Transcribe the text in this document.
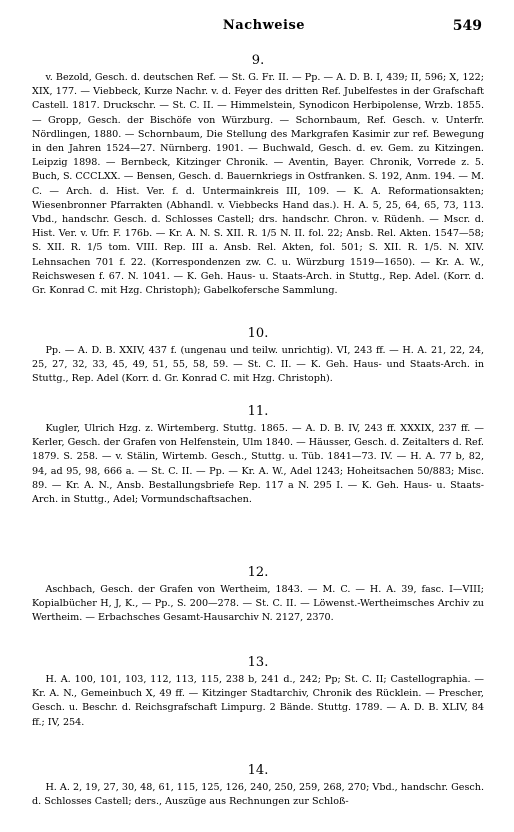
Nachweise	549
9.
v. Bezold, Gesch. d. deutschen Ref. — St. G. Fr. II. — Pp. — A. D. B. I, 439; II, 596; X, 122; XIX, 177. — Viebbeck, Kurze Nachr. v. d. Feyer des dritten Ref. Jubelfestes in der Grafschaft Castell. 1817. Druckschr. — St. C. II. — Himmelstein, Synodicon Herbipolense, Wrzb. 1855. — Gropp, Gesch. der Bischöfe von Würzburg. — Schornbaum, Ref. Gesch. v. Unterfr. Nördlingen, 1880. — Schornbaum, Die Stellung des Markgrafen Kasimir zur ref. Bewegung in den Jahren 1524—27. Nürnberg. 1901. — Buchwald, Gesch. d. ev. Gem. zu Kitzingen. Leipzig 1898. — Bernbeck, Kitzinger Chronik. — Aventin, Bayer. Chronik, Vorrede z. 5. Buch, S. CCCLXX. — Bensen, Gesch. d. Bauernkriegs in Ostfranken. S. 192, Anm. 194. — M. C. — Arch. d. Hist. Ver. f. d. Untermainkreis III, 109. — K. A. Reformationsakten; Wiesenbronner Pfarrakten (Abhandl. v. Viebbecks Hand das.). H. A. 5, 25, 64, 65, 73, 113. Vbd., handschr. Gesch. d. Schlosses Castell; drs. handschr. Chron. v. Rüdenh. — Mscr. d. Hist. Ver. v. Ufr. F. 176b. — Kr. A. N. S. XII. R. 1/5 N. II. fol. 22; Ansb. Rel. Akten. 1547—58; S. XII. R. 1/5 tom. VIII. Rep. III a. Ansb. Rel. Akten, fol. 501; S. XII. R. 1/5. N. XIV. Lehnsachen 701 f. 22. (Korrespondenzen zw. C. u. Würzburg 1519—1650). — Kr. A. W., Reichswesen f. 67. N. 1041. — K. Geh. Haus- u. Staats-Arch. in Stuttg., Rep. Adel. (Korr. d. Gr. Konrad C. mit Hzg. Christoph); Gabelkofersche Sammlung.
10.
Pp. — A. D. B. XXIV, 437 f. (ungenau und teilw. unrichtig). VI, 243 ff. — H. A. 21, 22, 24, 25, 27, 32, 33, 45, 49, 51, 55, 58, 59. — St. C. II. — K. Geh. Haus- und Staats-Arch. in Stuttg., Rep. Adel (Korr. d. Gr. Konrad C. mit Hzg. Christoph).
11.
Kugler, Ulrich Hzg. z. Wirtemberg. Stuttg. 1865. — A. D. B. IV, 243 ff. XXXIX, 237 ff. — Kerler, Gesch. der Grafen von Helfenstein, Ulm 1840. — Häusser, Gesch. d. Zeitalters d. Ref. 1879. S. 258. — v. Stälin, Wirtemb. Gesch., Stuttg. u. Tüb. 1841—73. IV. — H. A. 77 b, 82, 94, ad 95, 98, 666 a. — St. C. II. — Pp. — Kr. A. W., Adel 1243; Hoheitsachen 50/883; Misc. 89. — Kr. A. N., Ansb. Bestallungsbriefe Rep. 117 a N. 295 I. — K. Geh. Haus- u. Staats-Arch. in Stuttg., Adel; Vormundschaftsachen.
12.
Aschbach, Gesch. der Grafen von Wertheim, 1843. — M. C. — H. A. 39, fasc. I—VIII; Kopialbücher H, J, K., — Pp., S. 200—278. — St. C. II. — Löwenst.-Wertheimsches Archiv zu Wertheim. — Erbachsches Gesamt-Hausarchiv N. 2127, 2370.
13.
H. A. 100, 101, 103, 112, 113, 115, 238 b, 241 d., 242; Pp; St. C. II; Castellographia. — Kr. A. N., Gemeinbuch X, 49 ff. — Kitzinger Stadtarchiv, Chronik des Rücklein. — Prescher, Gesch. u. Beschr. d. Reichsgrafschaft Limpurg. 2 Bände. Stuttg. 1789. — A. D. B. XLIV, 84 ff.; IV, 254.
14.
H. A. 2, 19, 27, 30, 48, 61, 115, 125, 126, 240, 250, 259, 268, 270; Vbd., handschr. Gesch. d. Schlosses Castell; ders., Auszüge aus Rechnungen zur Schloß-
